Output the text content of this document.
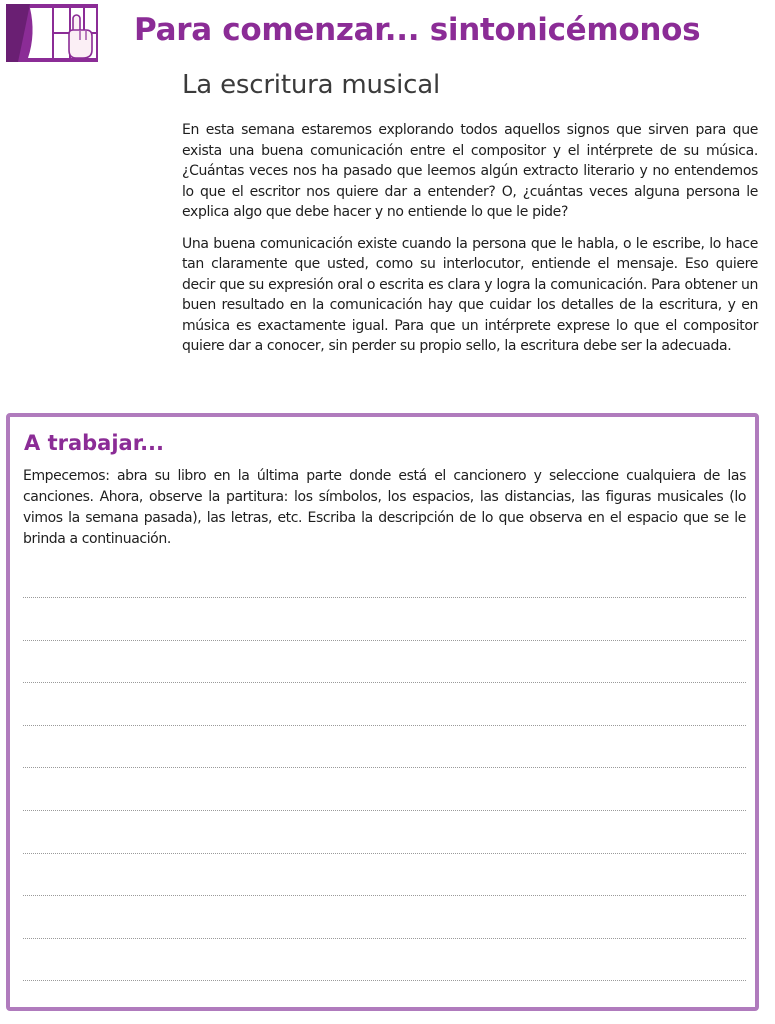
Para comenzar... sintonicémonos
La escritura musical

En esta semana estaremos explorando todos aquellos signos que sirven para que exista una buena comunicación entre el compositor y el intérprete de su música. ¿Cuántas veces nos ha pasado que leemos algún extracto literario y no entendemos lo que el escritor nos quiere dar a entender? O, ¿cuántas veces alguna persona le explica algo que debe hacer y no entiende lo que le pide?

Una buena comunicación existe cuando la persona que le habla, o le escribe, lo hace tan claramente que usted, como su interlocutor, entiende el mensaje. Eso quiere decir que su expresión oral o escrita es clara y logra la comunicación. Para obtener un buen resultado en la comunicación hay que cuidar los detalles de la escritura, y en música es exactamente igual. Para que un intérprete exprese lo que el compositor quiere dar a conocer, sin perder su propio sello, la escritura debe ser la adecuada.

A trabajar...

Empecemos: abra su libro en la última parte donde está el cancionero y seleccione cualquiera de las canciones. Ahora, observe la partitura: los símbolos, los espacios, las distancias, las figuras musicales (lo vimos la semana pasada), las letras, etc. Escriba la descripción de lo que observa en el espacio que se le brinda a continuación.
